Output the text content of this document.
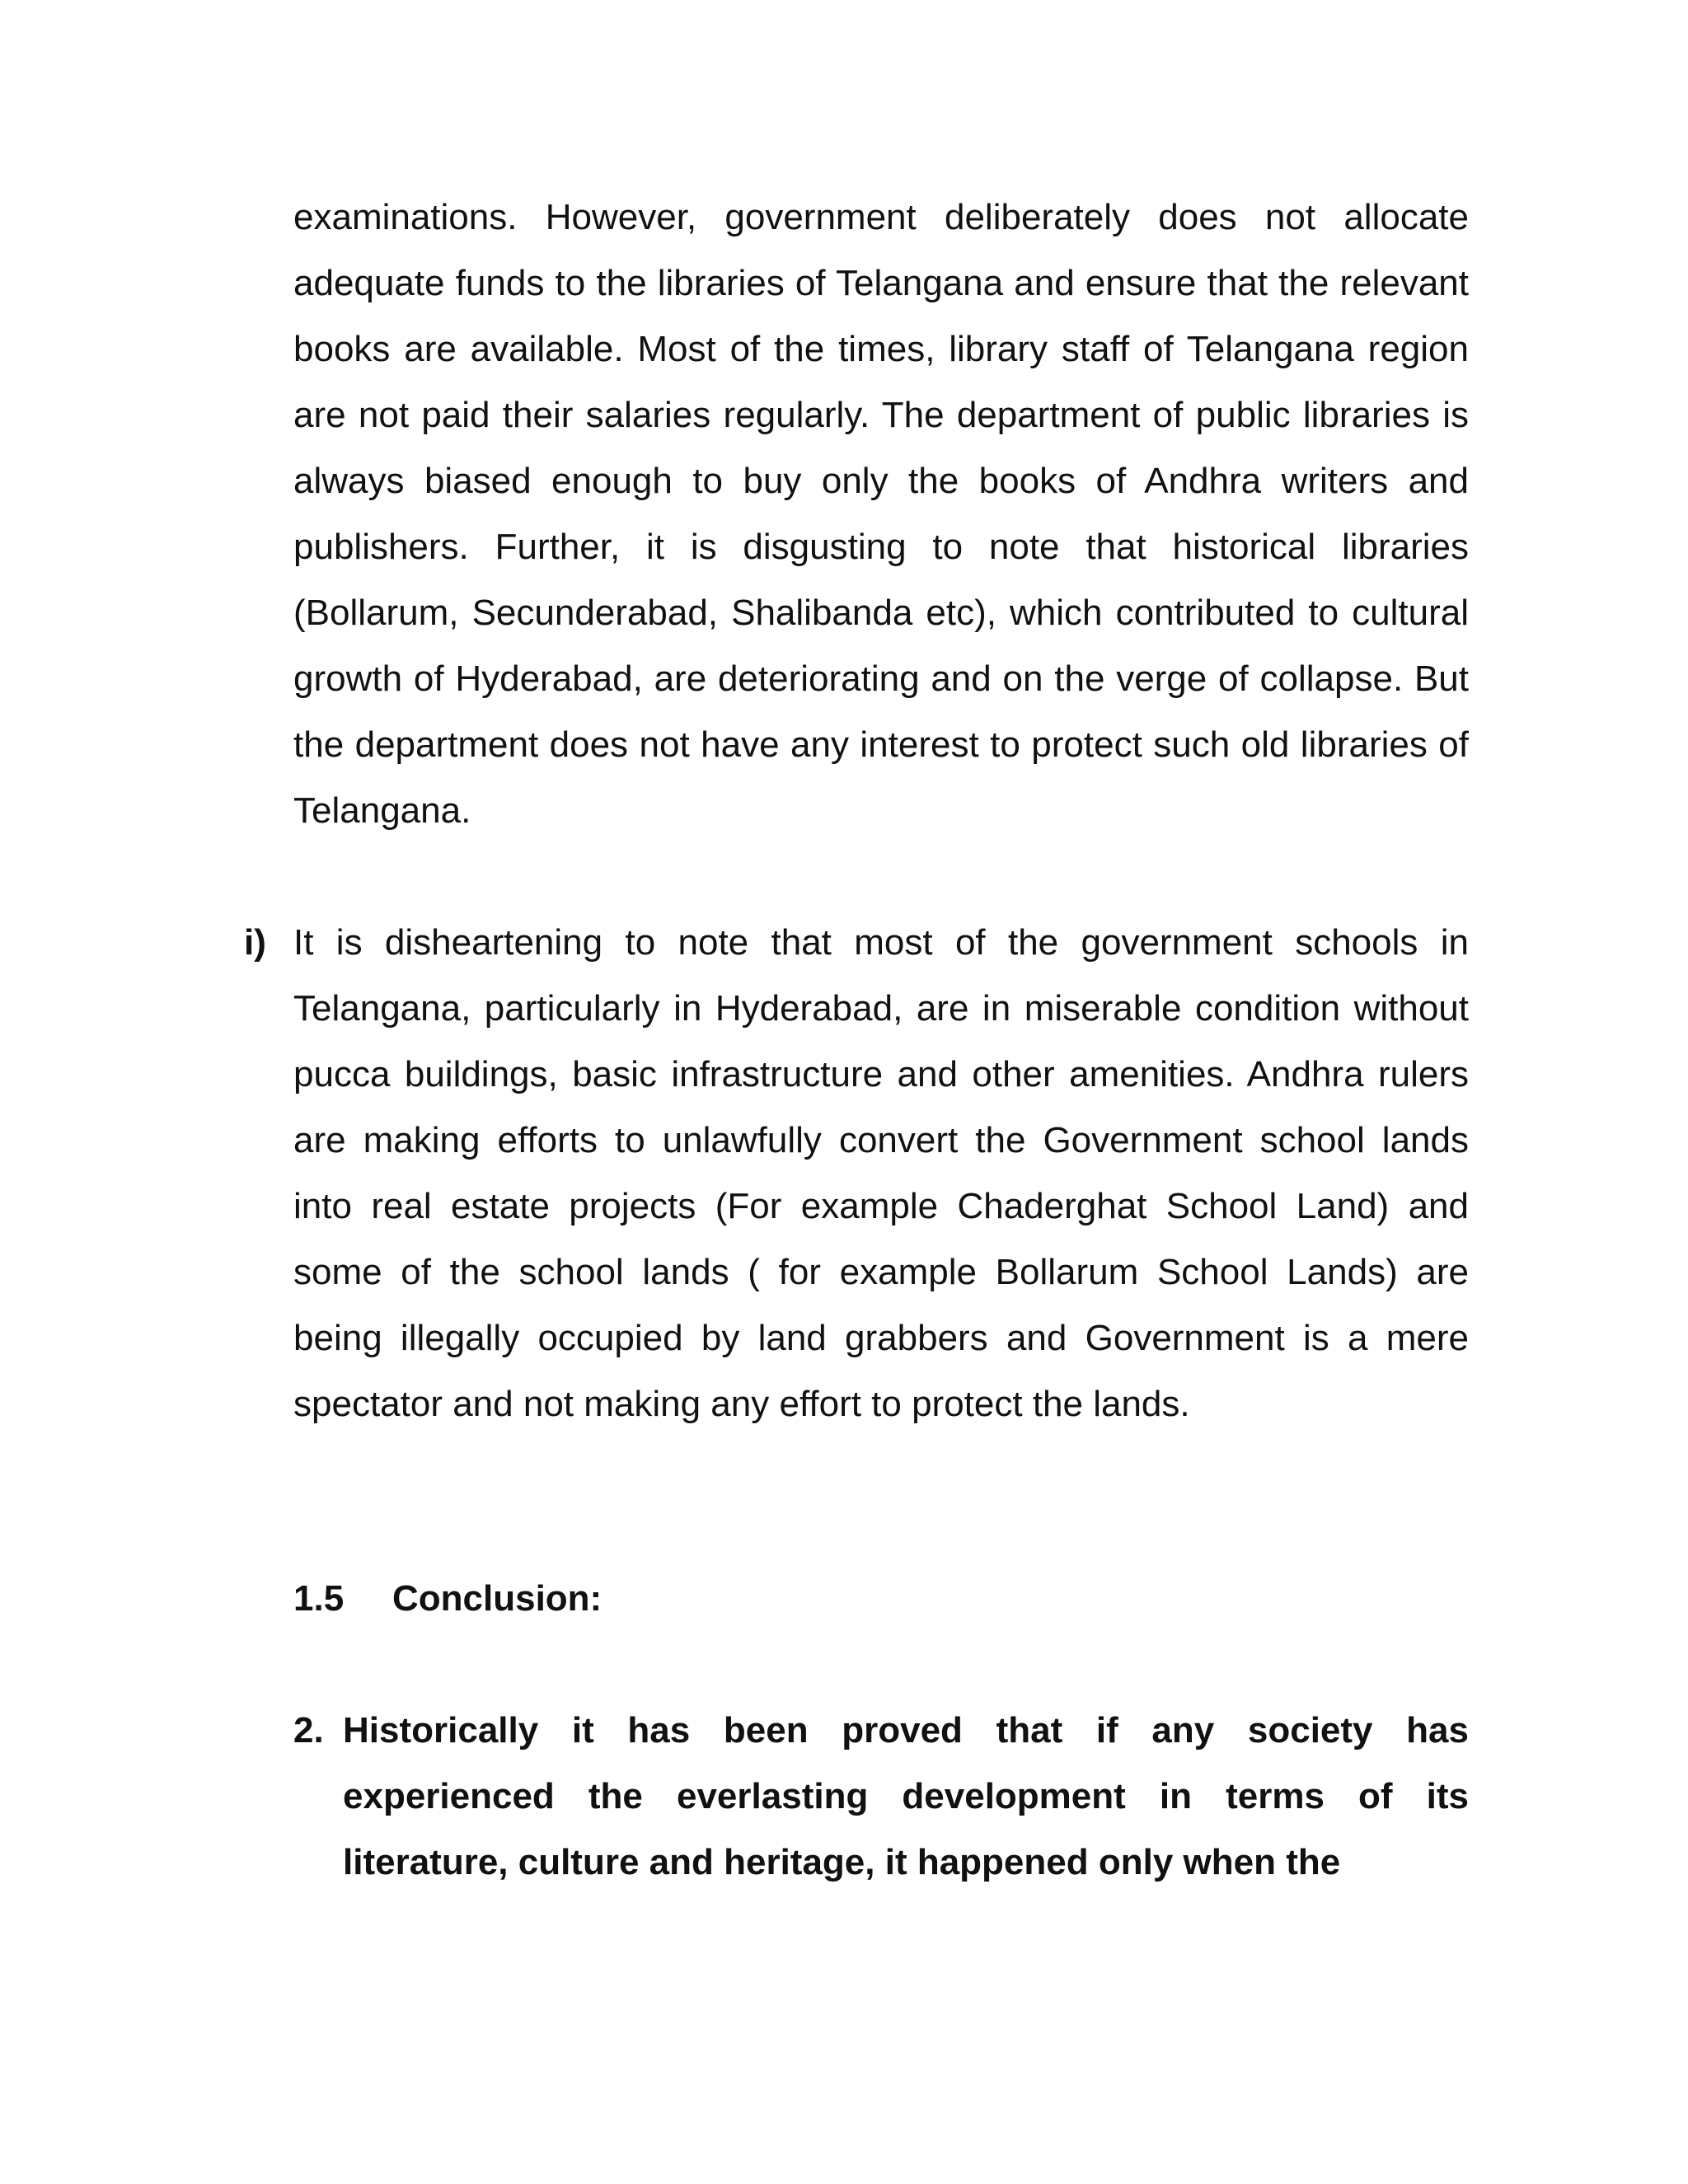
examinations. However, government deliberately does not allocate adequate funds to the libraries of Telangana and ensure that the relevant books are available. Most of the times, library staff of Telangana region are not paid their salaries regularly. The department of public libraries is always biased enough to buy only the books of Andhra writers and publishers. Further, it is disgusting to note that historical libraries (Bollarum, Secunderabad, Shalibanda etc), which contributed to cultural growth of Hyderabad, are deteriorating and on the verge of collapse. But the department does not have any interest to protect such old libraries of Telangana.

i) It is disheartening to note that most of the government schools in Telangana, particularly in Hyderabad, are in miserable condition without pucca buildings, basic infrastructure and other amenities. Andhra rulers are making efforts to unlawfully convert the Government school lands into real estate projects (For example Chaderghat School Land) and some of the school lands ( for example Bollarum School Lands) are being illegally occupied by land grabbers and Government is a mere spectator and not making any effort to protect the lands.

1.5 Conclusion:
2. Historically it has been proved that if any society has experienced the everlasting development in terms of its literature, culture and heritage, it happened only when the
